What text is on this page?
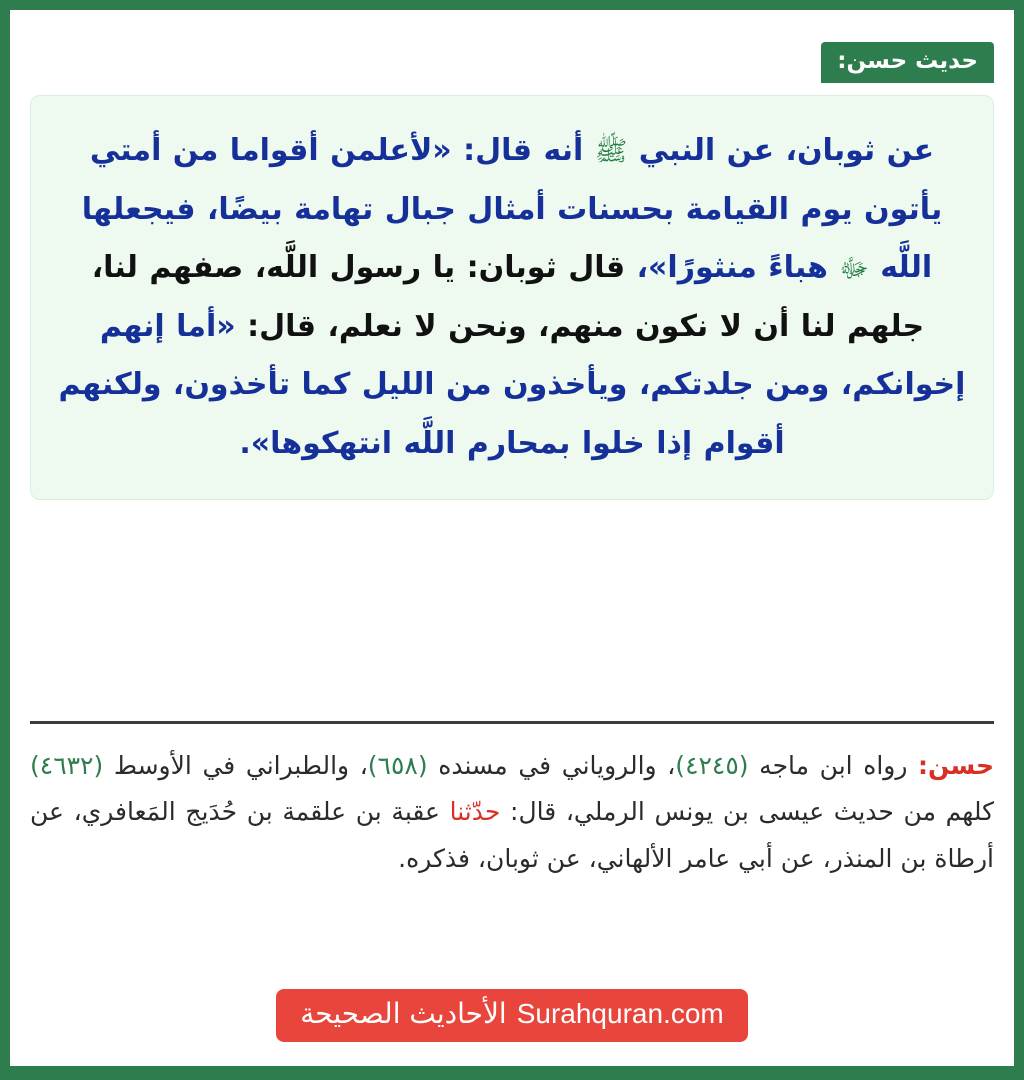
حديث حسن:
عن ثوبان، عن النبي ﷺ أنه قال: «لأعلمن أقواما من أمتي يأتون يوم القيامة بحسنات أمثال جبال تهامة بيضًا، فيجعلها اللَّه ﷻ هباءً منثورًا»، قال ثوبان: يا رسول اللَّه، صفهم لنا، جلهم لنا أن لا نكون منهم، ونحن لا نعلم، قال: «أما إنهم إخوانكم، ومن جلدتكم، ويأخذون من الليل كما تأخذون، ولكنهم أقوام إذا خلوا بمحارم اللَّه انتهكوها».
حسن: رواه ابن ماجه (٤٢٤٥)، والروياني في مسنده (٦٥٨)، والطبراني في الأوسط (٤٦٣٢) كلهم من حديث عيسى بن يونس الرملي، قال: حدّثنا عقبة بن علقمة بن حُدَيج المَعافري، عن أرطاة بن المنذر، عن أبي عامر الألهاني، عن ثوبان، فذكره.
Surahquran.com
الأحاديث الصحيحة
